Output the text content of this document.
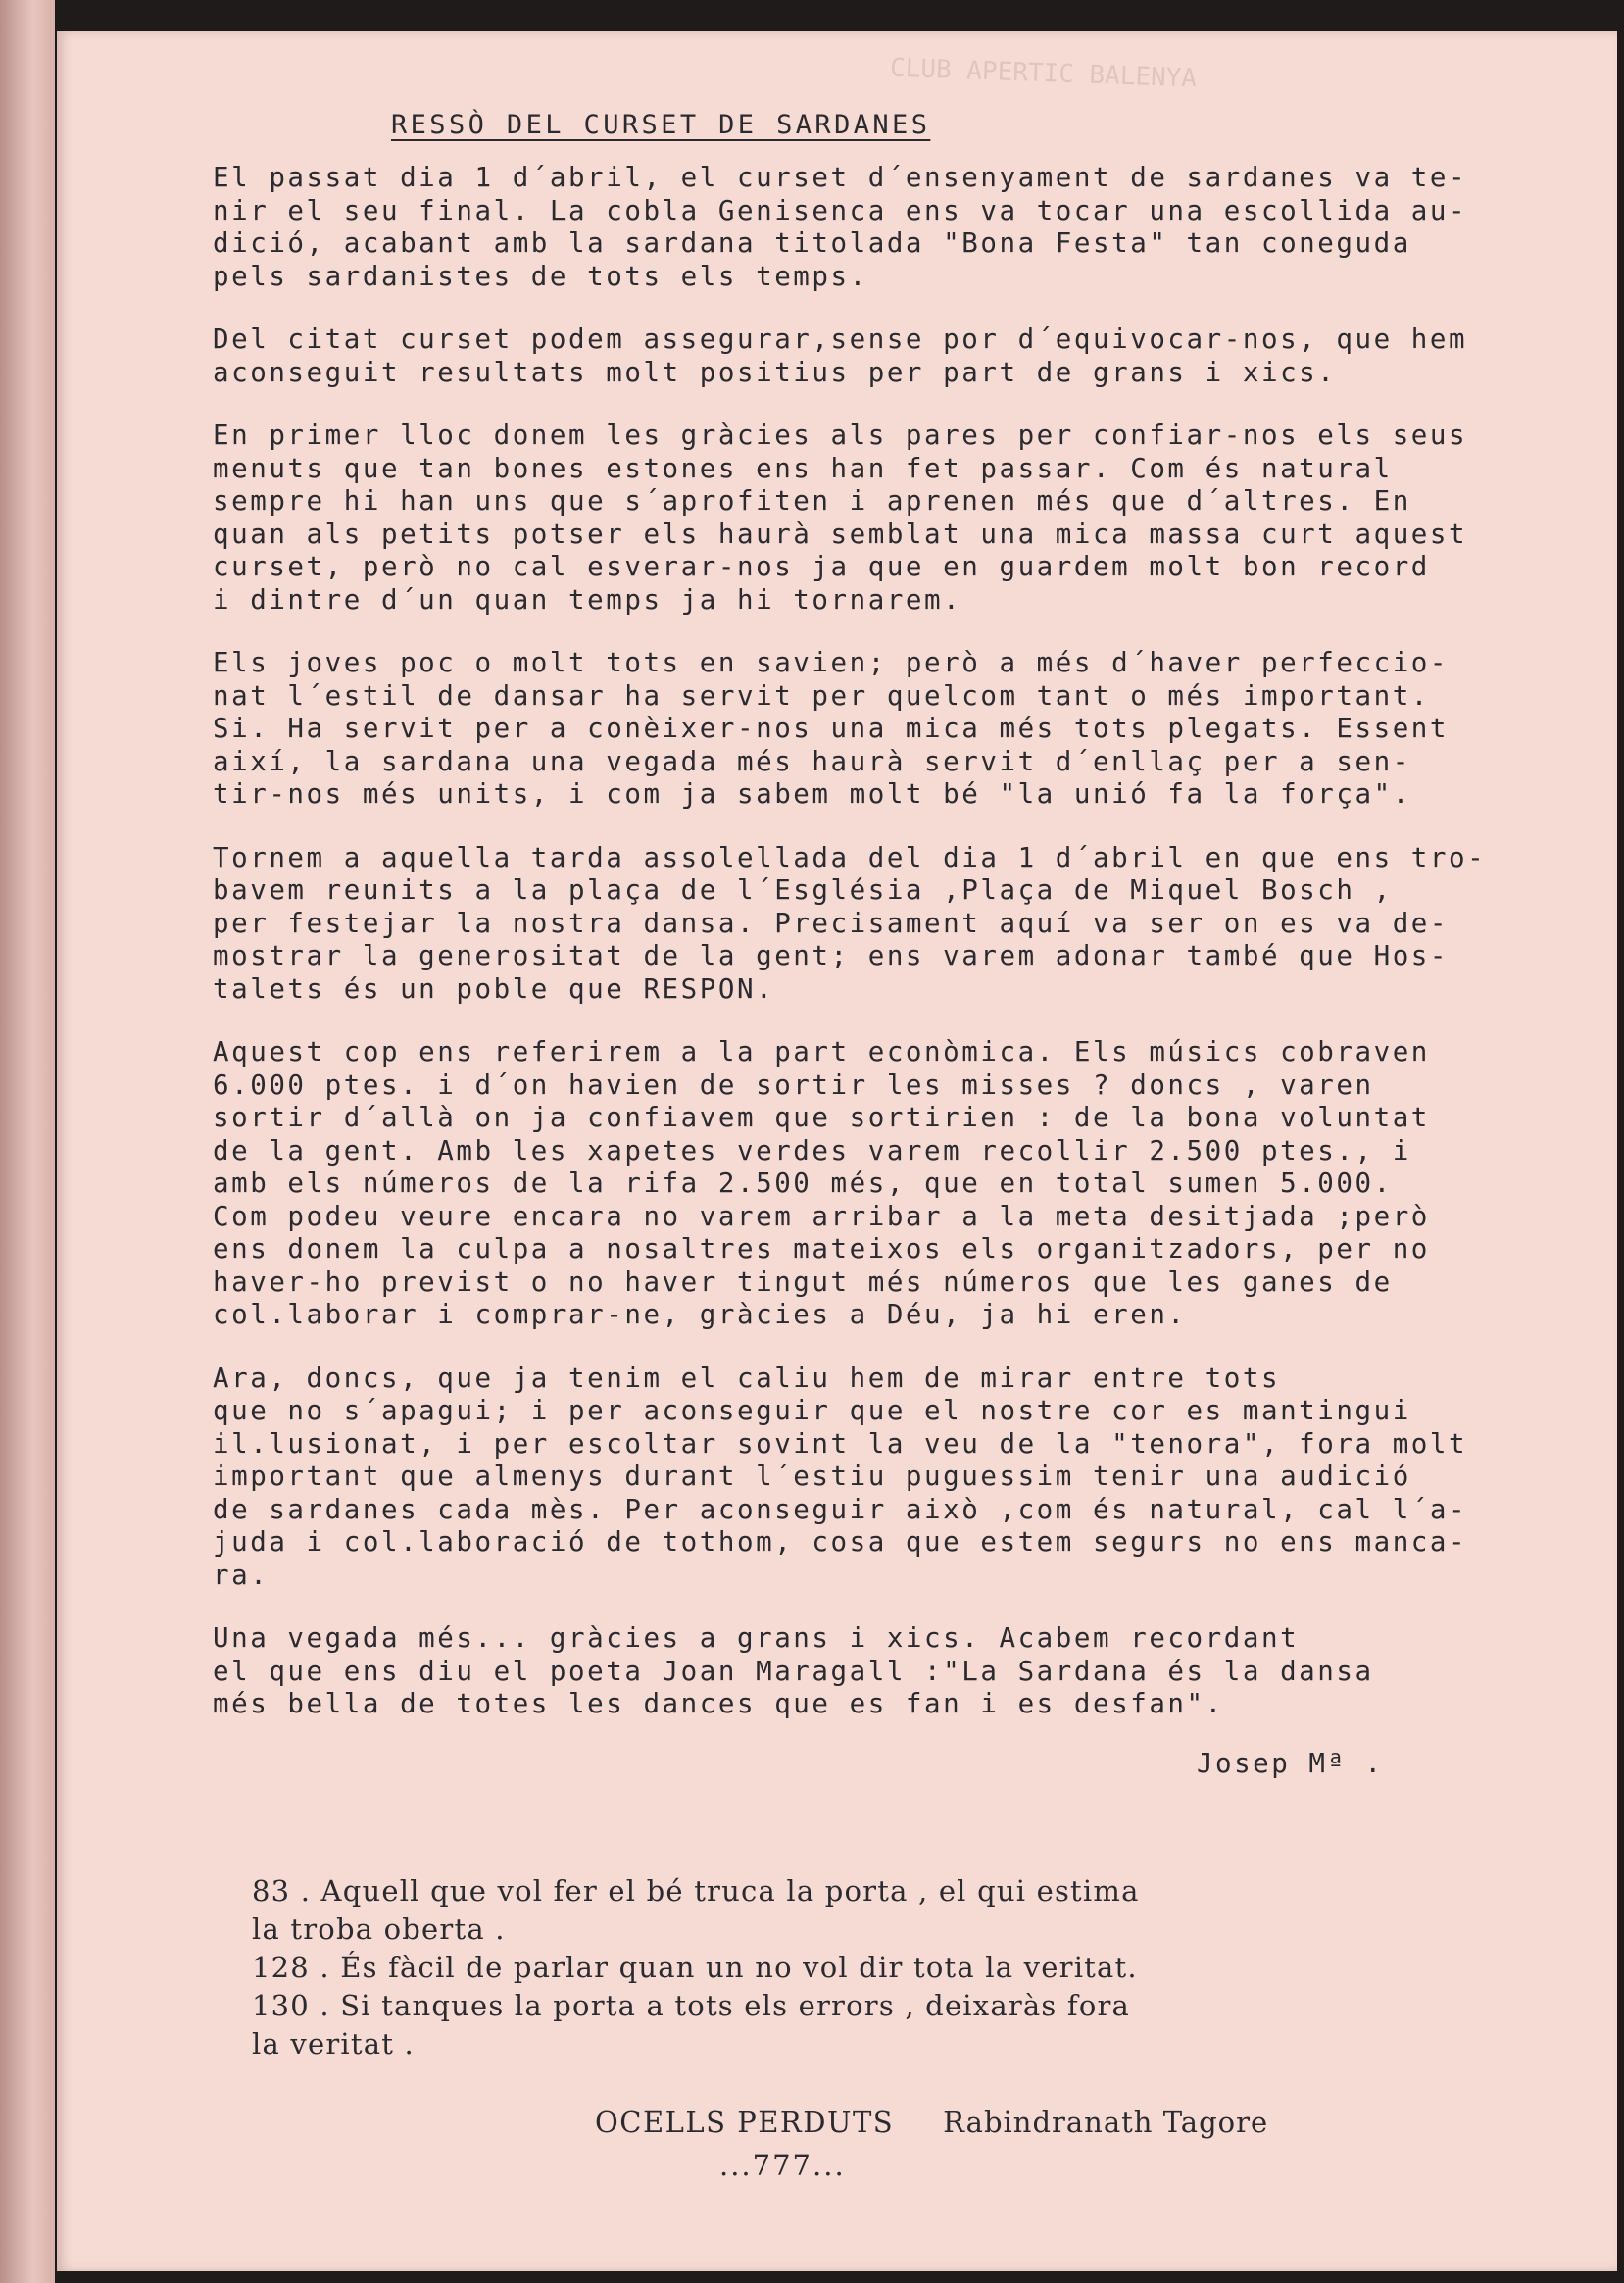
CLUB APERTIC BALENYA
RESSÒ DEL CURSET DE SARDANES

El passat dia 1 d´abril, el curset d´ensenyament de sardanes va te-
nir el seu final. La cobla Genisenca ens va tocar una escollida au-
dició, acabant amb la sardana titolada "Bona Festa" tan coneguda
pels sardanistes de tots els temps.

Del citat curset podem assegurar,sense por d´equivocar-nos, que hem
aconseguit resultats molt positius per part de grans i xics.

En primer lloc donem les gràcies als pares per confiar-nos els seus
menuts que tan bones estones ens han fet passar. Com és natural
sempre hi han uns que s´aprofiten i aprenen més que d´altres. En
quan als petits potser els haurà semblat una mica massa curt aquest
curset, però no cal esverar-nos ja que en guardem molt bon record
i dintre d´un quan temps ja hi tornarem.

Els joves poc o molt tots en savien; però a més d´haver perfeccio-
nat l´estil de dansar ha servit per quelcom tant o més important.
Si. Ha servit per a conèixer-nos una mica més tots plegats. Essent
així, la sardana una vegada més haurà servit d´enllaç per a sen-
tir-nos més units, i com ja sabem molt bé "la unió fa la força".

Tornem a aquella tarda assolellada del dia 1 d´abril en que ens tro-
bavem reunits a la plaça de l´Església ,Plaça de Miquel Bosch ,
per festejar la nostra dansa. Precisament aquí va ser on es va de-
mostrar la generositat de la gent; ens varem adonar també que Hos-
talets és un poble que RESPON.

Aquest cop ens referirem a la part econòmica. Els músics cobraven
6.000 ptes. i d´on havien de sortir les misses ? doncs , varen
sortir d´allà on ja confiavem que sortirien : de la bona voluntat
de la gent. Amb les xapetes verdes varem recollir 2.500 ptes., i
amb els números de la rifa 2.500 més, que en total sumen 5.000.
Com podeu veure encara no varem arribar a la meta desitjada ;però
ens donem la culpa a nosaltres mateixos els organitzadors, per no
haver-ho previst o no haver tingut més números que les ganes de
col.laborar i comprar-ne, gràcies a Déu, ja hi eren.

Ara, doncs, que ja tenim el caliu hem de mirar entre tots
que no s´apagui; i per aconseguir que el nostre cor es mantingui
il.lusionat, i per escoltar sovint la veu de la "tenora", fora molt
important que almenys durant l´estiu puguessim tenir una audició
de sardanes cada mès. Per aconseguir això ,com és natural, cal l´a-
juda i col.laboració de tothom, cosa que estem segurs no ens manca-
ra.

Una vegada més... gràcies a grans i xics. Acabem recordant
el que ens diu el poeta Joan Maragall :"La Sardana és la dansa
més bella de totes les dances que es fan i es desfan".

Josep Mª .

83 . Aquell que vol fer el bé truca la porta , el qui estima
la troba oberta .

128 . És fàcil de parlar quan un no vol dir tota la veritat.

130 . Si tanques la porta a tots els errors , deixaràs fora
la veritat .

OCELLS PERDUTS Rabindranath Tagore
...777...
